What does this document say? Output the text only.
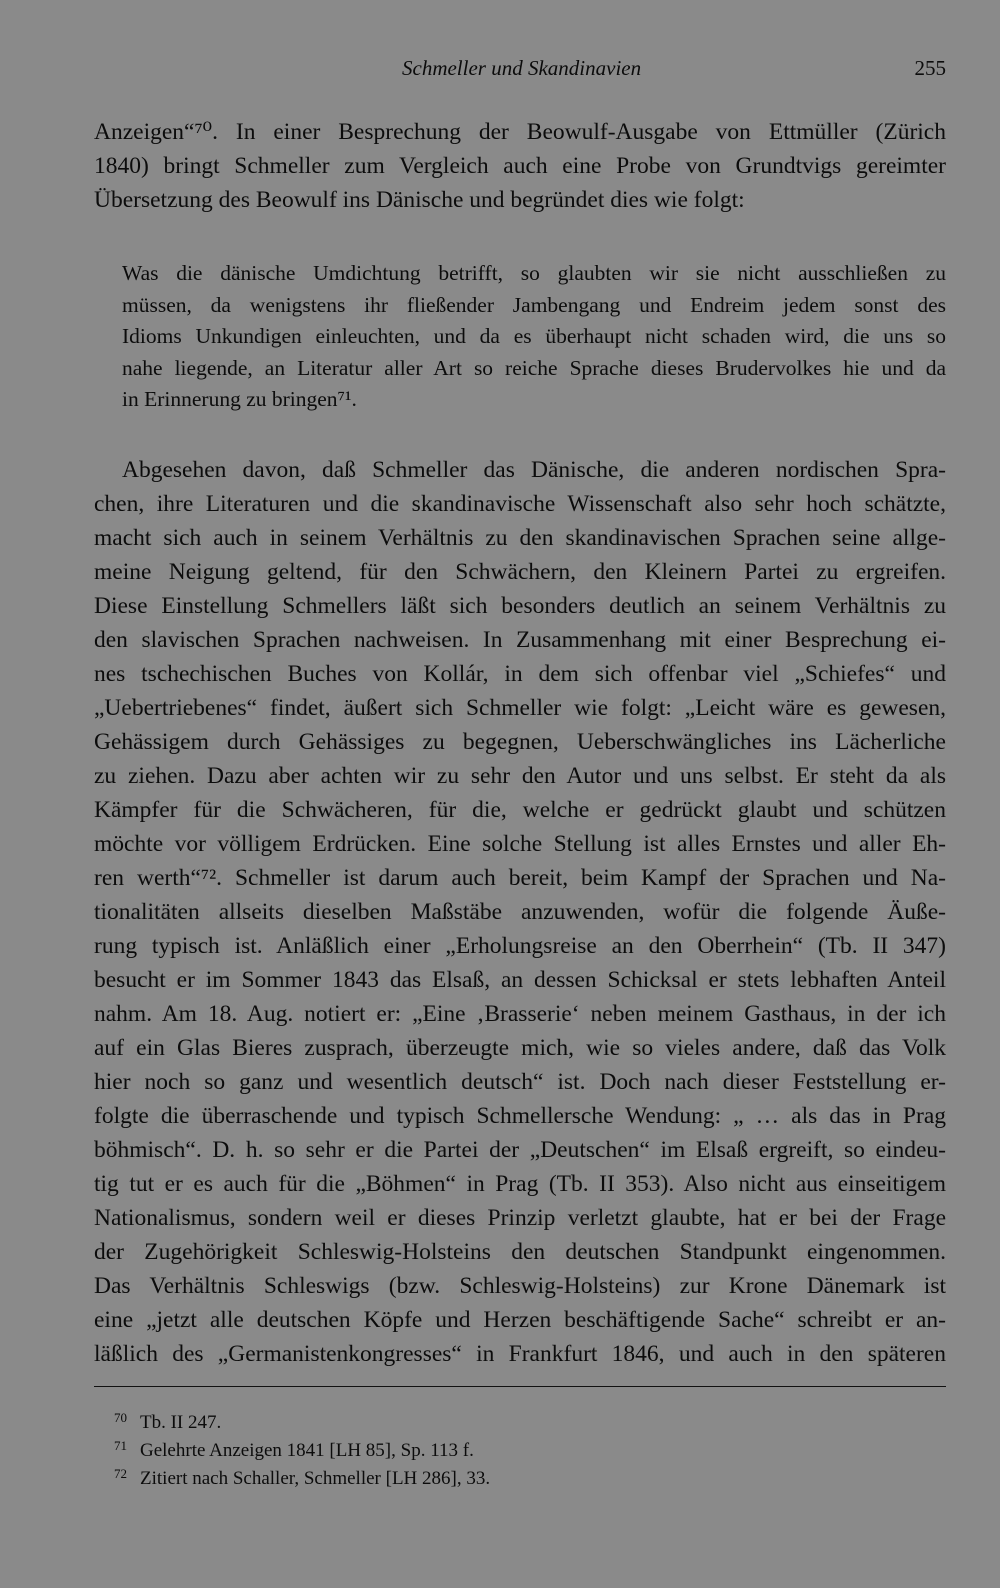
Schmeller und Skandinavien	255
Anzeigen“⁷⁰. In einer Besprechung der Beowulf-Ausgabe von Ettmüller (Zürich
1840) bringt Schmeller zum Vergleich auch eine Probe von Grundtvigs gereimter
Übersetzung des Beowulf ins Dänische und begründet dies wie folgt:
Was die dänische Umdichtung betrifft, so glaubten wir sie nicht ausschließen zu
müssen, da wenigstens ihr fließender Jambengang und Endreim jedem sonst des
Idioms Unkundigen einleuchten, und da es überhaupt nicht schaden wird, die uns so
nahe liegende, an Literatur aller Art so reiche Sprache dieses Brudervolkes hie und da
in Erinnerung zu bringen⁷¹.
Abgesehen davon, daß Schmeller das Dänische, die anderen nordischen Spra-
chen, ihre Literaturen und die skandinavische Wissenschaft also sehr hoch schätzte,
macht sich auch in seinem Verhältnis zu den skandinavischen Sprachen seine allge-
meine Neigung geltend, für den Schwächern, den Kleinern Partei zu ergreifen.
Diese Einstellung Schmellers läßt sich besonders deutlich an seinem Verhältnis zu
den slavischen Sprachen nachweisen. In Zusammenhang mit einer Besprechung ei-
nes tschechischen Buches von Kollár, in dem sich offenbar viel „Schiefes“ und
„Uebertriebenes“ findet, äußert sich Schmeller wie folgt: „Leicht wäre es gewesen,
Gehässigem durch Gehässiges zu begegnen, Ueberschwängliches ins Lächerliche
zu ziehen. Dazu aber achten wir zu sehr den Autor und uns selbst. Er steht da als
Kämpfer für die Schwächeren, für die, welche er gedrückt glaubt und schützen
möchte vor völligem Erdrücken. Eine solche Stellung ist alles Ernstes und aller Eh-
ren werth“⁷². Schmeller ist darum auch bereit, beim Kampf der Sprachen und Na-
tionalitäten allseits dieselben Maßstäbe anzuwenden, wofür die folgende Äuße-
rung typisch ist. Anläßlich einer „Erholungsreise an den Oberrhein“ (Tb. II 347)
besucht er im Sommer 1843 das Elsaß, an dessen Schicksal er stets lebhaften Anteil
nahm. Am 18. Aug. notiert er: „Eine ‚Brasserie‘ neben meinem Gasthaus, in der ich
auf ein Glas Bieres zusprach, überzeugte mich, wie so vieles andere, daß das Volk
hier noch so ganz und wesentlich deutsch“ ist. Doch nach dieser Feststellung er-
folgte die überraschende und typisch Schmellersche Wendung: „ … als das in Prag
böhmisch“. D. h. so sehr er die Partei der „Deutschen“ im Elsaß ergreift, so eindeu-
tig tut er es auch für die „Böhmen“ in Prag (Tb. II 353). Also nicht aus einseitigem
Nationalismus, sondern weil er dieses Prinzip verletzt glaubte, hat er bei der Frage
der Zugehörigkeit Schleswig-Holsteins den deutschen Standpunkt eingenommen.
Das Verhältnis Schleswigs (bzw. Schleswig-Holsteins) zur Krone Dänemark ist
eine „jetzt alle deutschen Köpfe und Herzen beschäftigende Sache“ schreibt er an-
läßlich des „Germanistenkongresses“ in Frankfurt 1846, und auch in den späteren
70 Tb. II 247.
71 Gelehrte Anzeigen 1841 [LH 85], Sp. 113 f.
72 Zitiert nach Schaller, Schmeller [LH 286], 33.
